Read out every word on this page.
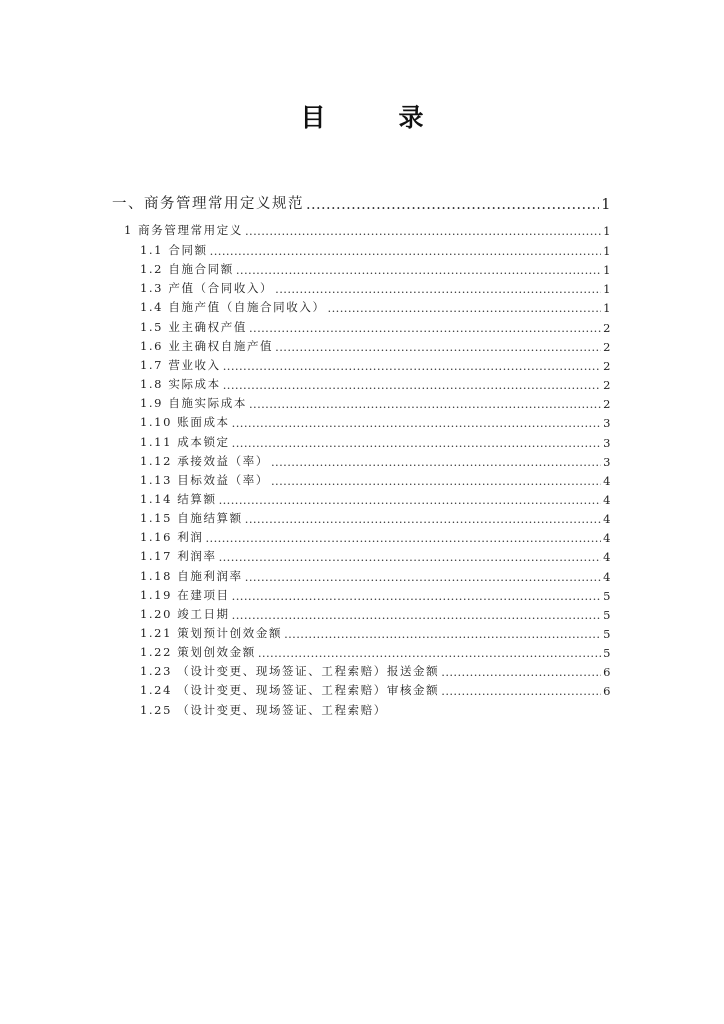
目　录
一、商务管理常用定义规范 .....	1
1 商务管理常用定义 .....	1
1.1 合同额 .....	1
1.2 自施合同额 .....	1
1.3 产值（合同收入） .....	1
1.4 自施产值（自施合同收入） .....	1
1.5 业主确权产值 .....	2
1.6 业主确权自施产值 .....	2
1.7 营业收入 .....	2
1.8 实际成本 .....	2
1.9 自施实际成本 .....	2
1.10 账面成本 .....	3
1.11 成本锁定 .....	3
1.12 承接效益（率） .....	3
1.13 目标效益（率） .....	4
1.14 结算额 .....	4
1.15 自施结算额 .....	4
1.16 利润 .....	4
1.17 利润率 .....	4
1.18 自施利润率 .....	4
1.19 在建项目 .....	5
1.20 竣工日期 .....	5
1.21 策划预计创效金额 .....	5
1.22 策划创效金额 .....	5
1.23 （设计变更、现场签证、工程索赔）报送金额 .....	6
1.24 （设计变更、现场签证、工程索赔）审核金额 .....	6
1.25 （设计变更、现场签证、工程索赔）
